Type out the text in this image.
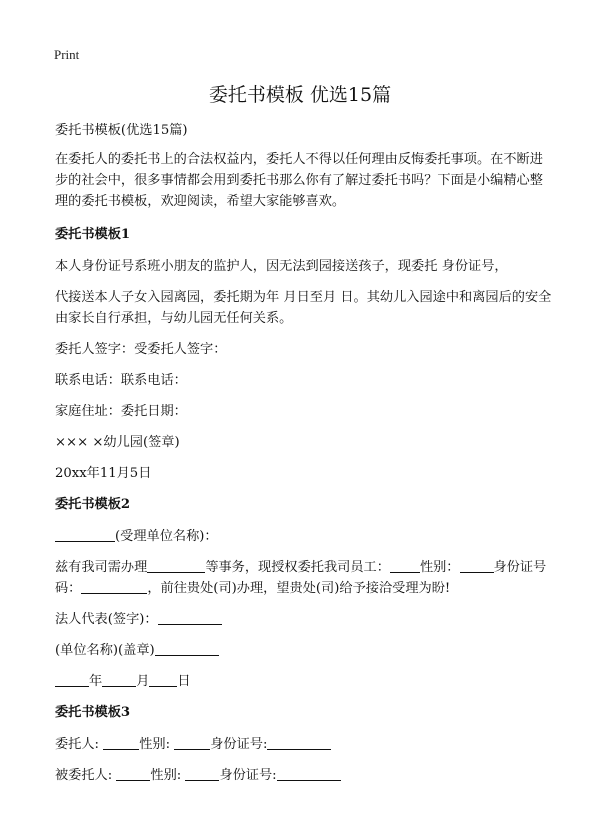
Print
委托书模板 优选15篇

委托书模板(优选15篇)

在委托人的委托书上的合法权益内，委托人不得以任何理由反悔委托事项。在不断进步的社会中，很多事情都会用到委托书那么你有了解过委托书吗？下面是小编精心整理的委托书模板，欢迎阅读，希望大家能够喜欢。

委托书模板1

本人身份证号系班小朋友的监护人，因无法到园接送孩子，现委托 身份证号，

代接送本人子女入园离园，委托期为年 月日至月 日。其幼儿入园途中和离园后的安全由家长自行承担，与幼儿园无任何关系。

委托人签字：受委托人签字：

联系电话：联系电话：

家庭住址：委托日期：

××× ×幼儿园(签章)

20xx年11月5日

委托书模板2

(受理单位名称)：

兹有我司需办理	等事务，现授权委托我司员工： 性别：	身份证号码：	，前往贵处(司)办理，望贵处(司)给予接洽受理为盼!

法人代表(签字)：

(单位名称)(盖章)

年	月 日

委托书模板3

委托人:	性别:	身份证号:

被委托人:	性别:	身份证号:
